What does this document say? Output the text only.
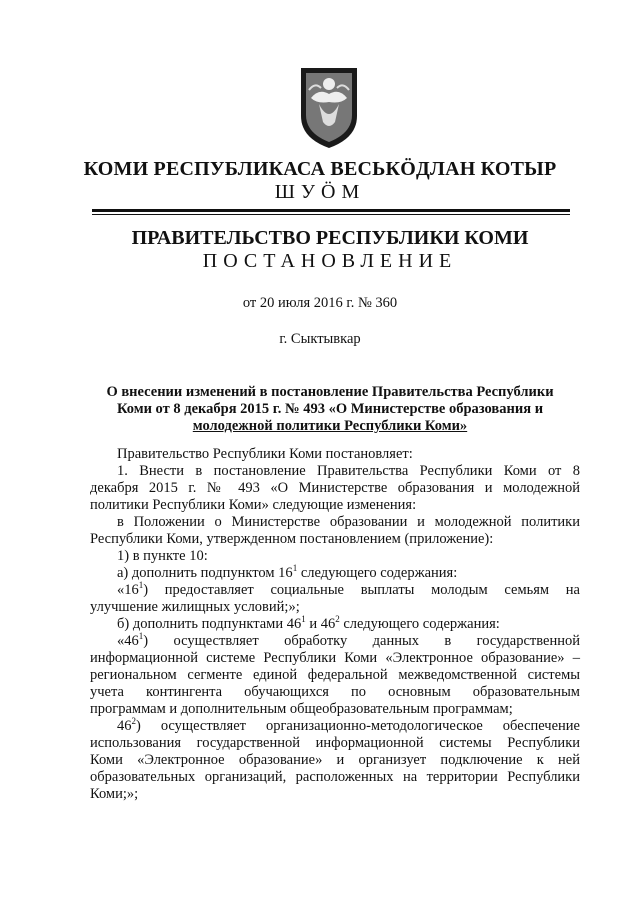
КОМИ РЕСПУБЛИКАСА ВЕСЬКÖДЛАН КОТЫР
ШУÖМ
ПРАВИТЕЛЬСТВО РЕСПУБЛИКИ КОМИ
ПОСТАНОВЛЕНИЕ
от 20 июля 2016 г. № 360
г. Сыктывкар
О внесении изменений в постановление Правительства Республики
Коми от 8 декабря 2015 г. № 493 «О Министерстве образования и
молодежной политики Республики Коми»
Правительство Республики Коми постановляет:
1. Внести в постановление Правительства Республики Коми от 8
декабря 2015 г. № 493 «О Министерстве образования и молодежной
политики Республики Коми» следующие изменения:
в Положении о Министерстве образовании и молодежной политики
Республики Коми, утвержденном постановлением (приложение):
1) в пункте 10:
а) дополнить подпунктом $16^1$ следующего содержания:
«$16^1$) предоставляет социальные выплаты молодым семьям на
улучшение жилищных условий;»;
б) дополнить подпунктами $46^1$ и $46^2$ следующего содержания:
«$46^1$) осуществляет обработку данных в государственной
информационной системе Республики Коми «Электронное образование» –
региональном сегменте единой федеральной межведомственной системы
учета контингента обучающихся по основным образовательным
программам и дополнительным общеобразовательным программам;
$46^2$) осуществляет организационно-методологическое обеспечение
использования государственной информационной системы Республики
Коми «Электронное образование» и организует подключение к ней
образовательных организаций, расположенных на территории Республики
Коми;»;
